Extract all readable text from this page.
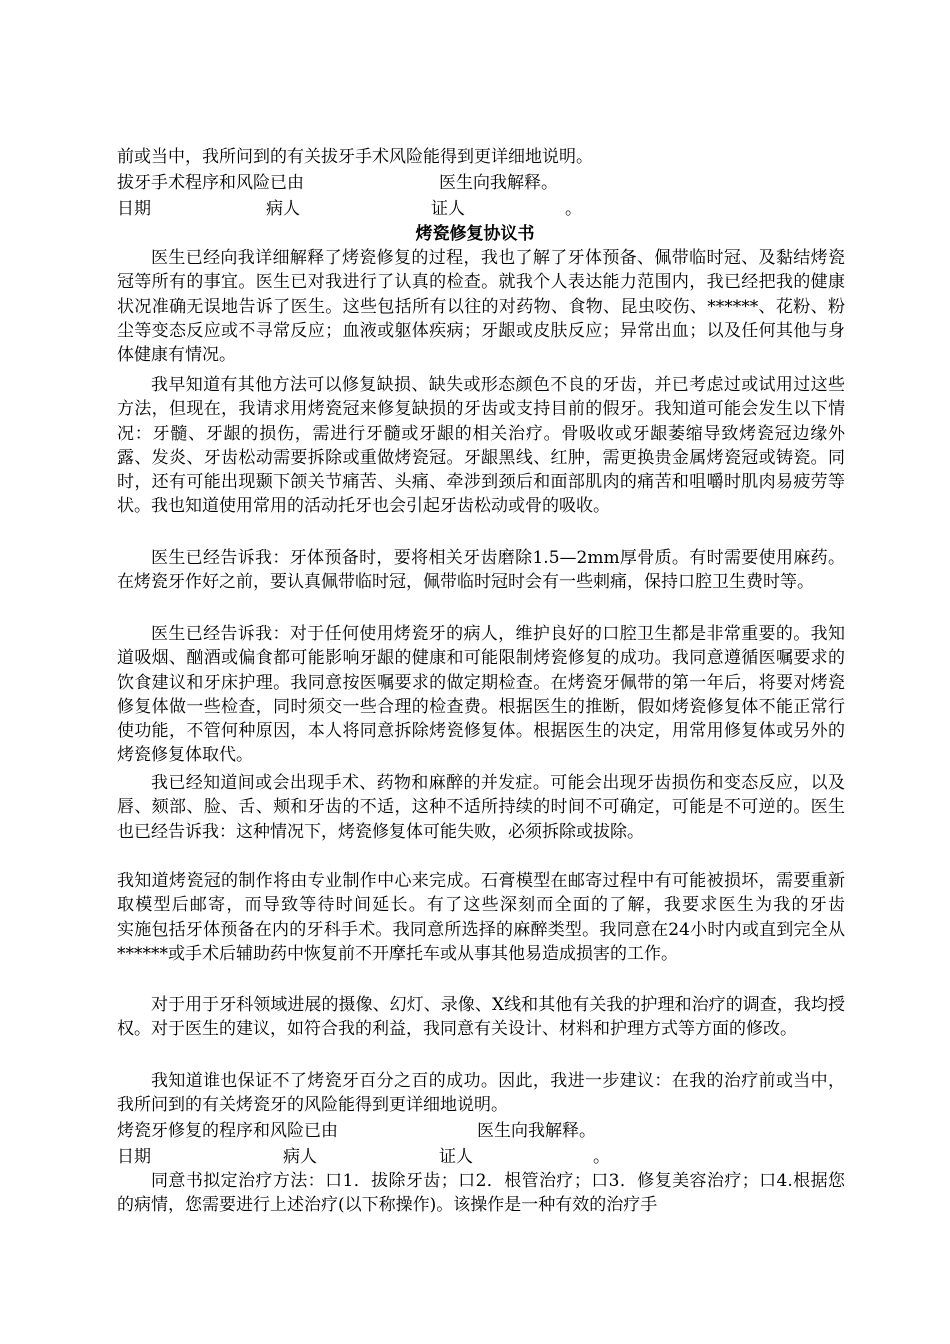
前或当中，我所问到的有关拔牙手术风险能得到更详细地说明。
拔牙手术程序和风险已由	医生向我解释。
日期	病人	证人	。
烤瓷修复协议书

医生已经向我详细解释了烤瓷修复的过程，我也了解了牙体预备、佩带临时冠、及黏结烤瓷冠等所有的事宜。医生已对我进行了认真的检查。就我个人表达能力范围内，我已经把我的健康状况准确无误地告诉了医生。这些包括所有以往的对药物、食物、昆虫咬伤、******、花粉、粉尘等变态反应或不寻常反应；血液或躯体疾病；牙龈或皮肤反应；异常出血；以及任何其他与身体健康有情况。

我早知道有其他方法可以修复缺损、缺失或形态颜色不良的牙齿，并已考虑过或试用过这些方法，但现在，我请求用烤瓷冠来修复缺损的牙齿或支持目前的假牙。我知道可能会发生以下情况：牙髓、牙龈的损伤，需进行牙髓或牙龈的相关治疗。骨吸收或牙龈萎缩导致烤瓷冠边缘外露、发炎、牙齿松动需要拆除或重做烤瓷冠。牙龈黑线、红肿，需更换贵金属烤瓷冠或铸瓷。同时，还有可能出现颞下颌关节痛苦、头痛、牵涉到颈后和面部肌肉的痛苦和咀嚼时肌肉易疲劳等状。我也知道使用常用的活动托牙也会引起牙齿松动或骨的吸收。

医生已经告诉我：牙体预备时，要将相关牙齿磨除1.5—2mm厚骨质。有时需要使用麻药。在烤瓷牙作好之前，要认真佩带临时冠，佩带临时冠时会有一些刺痛，保持口腔卫生费时等。

医生已经告诉我：对于任何使用烤瓷牙的病人，维护良好的口腔卫生都是非常重要的。我知道吸烟、酗酒或偏食都可能影响牙龈的健康和可能限制烤瓷修复的成功。我同意遵循医嘱要求的饮食建议和牙床护理。我同意按医嘱要求的做定期检查。在烤瓷牙佩带的第一年后，将要对烤瓷修复体做一些检查，同时须交一些合理的检查费。根据医生的推断，假如烤瓷修复体不能正常行使功能，不管何种原因，本人将同意拆除烤瓷修复体。根据医生的决定，用常用修复体或另外的烤瓷修复体取代。

我已经知道间或会出现手术、药物和麻醉的并发症。可能会出现牙齿损伤和变态反应，以及唇、颏部、脸、舌、颊和牙齿的不适，这种不适所持续的时间不可确定，可能是不可逆的。医生也已经告诉我：这种情况下，烤瓷修复体可能失败，必须拆除或拔除。

我知道烤瓷冠的制作将由专业制作中心来完成。石膏模型在邮寄过程中有可能被损坏，需要重新取模型后邮寄，而导致等待时间延长。有了这些深刻而全面的了解，我要求医生为我的牙齿　　　　　实施包括牙体预备在内的牙科手术。我同意所选择的麻醉类型。我同意在24小时内或直到完全从******或手术后辅助药中恢复前不开摩托车或从事其他易造成损害的工作。

对于用于牙科领域进展的摄像、幻灯、录像、X线和其他有关我的护理和治疗的调查，我均授权。对于医生的建议，如符合我的利益，我同意有关设计、材料和护理方式等方面的修改。

我知道谁也保证不了烤瓷牙百分之百的成功。因此，我进一步建议：在我的治疗前或当中，我所问到的有关烤瓷牙的风险能得到更详细地说明。

烤瓷牙修复的程序和风险已由	医生向我解释。
日期	病人	证人	。

同意书拟定治疗方法：口1．拔除牙齿；口2．根管治疗；口3．修复美容治疗；口4.根据您的病情，您需要进行上述治疗(以下称操作)。该操作是一种有效的治疗手
